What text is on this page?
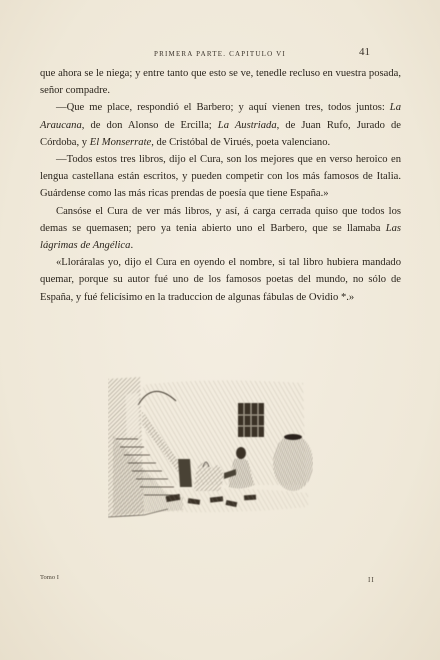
PRIMERA PARTE. CAPITULO VI	41

que ahora se le niega; y entre tanto que esto se ve, tenedle recluso en vuestra posada, señor compadre.

—Que me place, respondió el Barbero; y aquí vienen tres, todos juntos: La Araucana, de don Alonso de Ercilla; La Austriada, de Juan Rufo, Jurado de Córdoba, y El Monserrate, de Cristóbal de Virués, poeta valenciano.

—Todos estos tres libros, dijo el Cura, son los mejores que en verso heroico en lengua castellana están escritos, y pueden competir con los más famosos de Italia. Guárdense como las más ricas prendas de poesía que tiene España.»

Cansóse el Cura de ver más libros, y así, á carga cerrada quiso que todos los demas se quemasen; pero ya tenia abierto uno el Barbero, que se llamaba Las lágrimas de Angélica.

«Lloráralas yo, dijo el Cura en oyendo el nombre, si tal libro hubiera mandado quemar, porque su autor fué uno de los famosos poetas del mundo, no sólo de España, y fué felicísimo en la traduccion de algunas fábulas de Ovidio *.»

Tomo I	II
